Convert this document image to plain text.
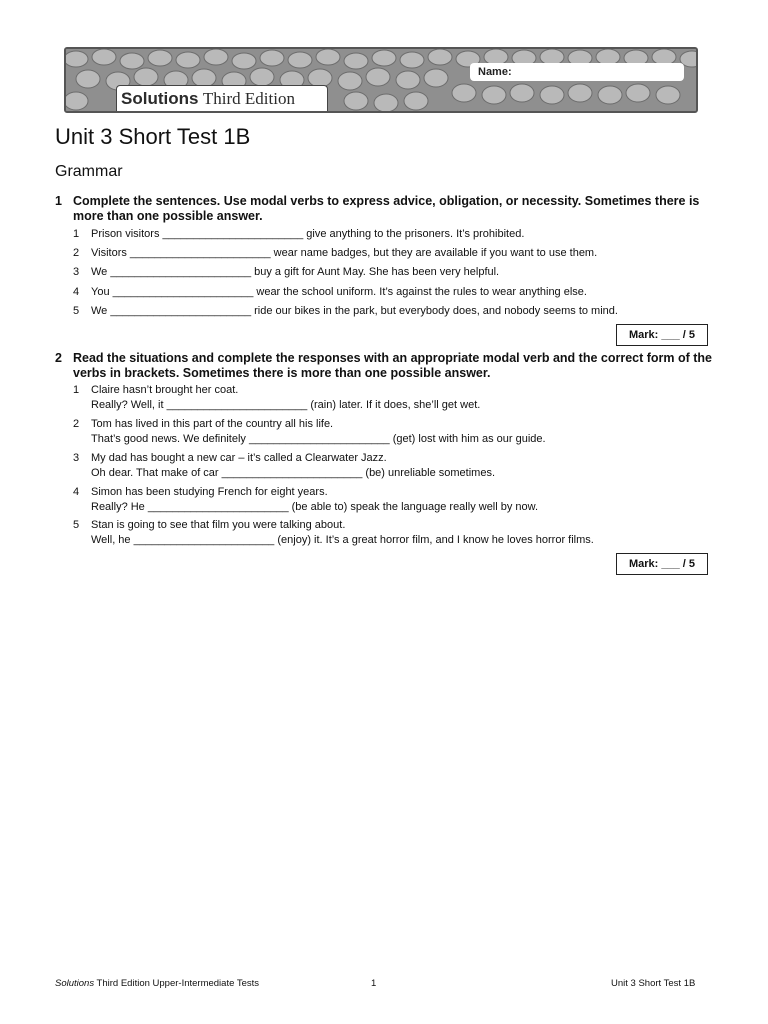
Name:
Solutions Third Edition
Unit 3 Short Test 1B
Grammar
1 Complete the sentences. Use modal verbs to express advice, obligation, or necessity. Sometimes there is more than one possible answer.

1 Prison visitors _______________________ give anything to the prisoners. It’s prohibited.
2 Visitors _______________________ wear name badges, but they are available if you want to use them.
3 We _______________________ buy a gift for Aunt May. She has been very helpful.
4 You _______________________ wear the school uniform. It’s against the rules to wear anything else.
5 We _______________________ ride our bikes in the park, but everybody does, and nobody seems to mind.
Mark: ___ / 5
2 Read the situations and complete the responses with an appropriate modal verb and the correct form of the verbs in brackets. Sometimes there is more than one possible answer.

1 Claire hasn’t brought her coat.
Really? Well, it _______________________ (rain) later. If it does, she’ll get wet.
2 Tom has lived in this part of the country all his life.
That’s good news. We definitely _______________________ (get) lost with him as our guide.
3 My dad has bought a new car – it’s called a Clearwater Jazz.
Oh dear. That make of car _______________________ (be) unreliable sometimes.
4 Simon has been studying French for eight years.
Really? He _______________________ (be able to) speak the language really well by now.
5 Stan is going to see that film you were talking about.
Well, he _______________________ (enjoy) it. It’s a great horror film, and I know he loves horror films.
Mark: ___ / 5
Solutions Third Edition Upper-Intermediate Tests	1	Unit 3 Short Test 1B
